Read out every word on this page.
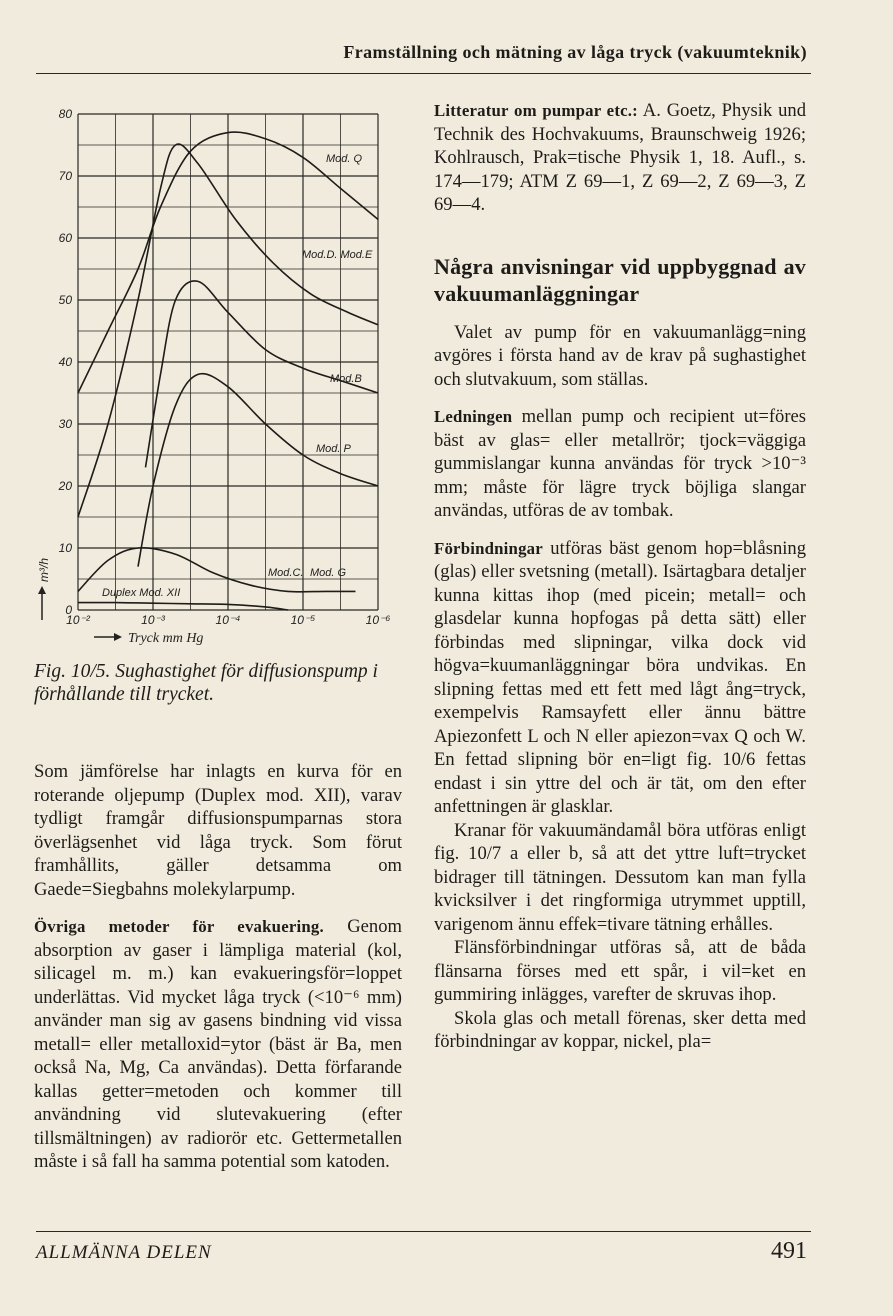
Framställning och mätning av låga tryck (vakuumteknik)
80
70
60
50
40
30
20
10
0
10⁻²	10⁻³	10⁻⁴	10⁻⁵	10⁻⁶
Mod. Q
Mod.D. Mod.E
Mod.B
Mod. P
Mod.C. Mod. G
Duplex Mod. XII
m³/h
Tryck mm Hg
Fig. 10/5. Sughastighet för diffusionspump i förhållande till trycket.

Som jämförelse har inlagts en kurva för en roterande oljepump (Duplex mod. XII), varav tydligt framgår diffusionspumparnas stora överlägsenhet vid låga tryck. Som förut framhållits, gäller detsamma om Gaede=Siegbahns molekylarpump.

Övriga metoder för evakuering. Genom absorption av gaser i lämpliga material (kol, silicagel m. m.) kan evakueringsför=loppet underlättas. Vid mycket låga tryck (<10⁻⁶ mm) använder man sig av gasens bindning vid vissa metall= eller metalloxid=ytor (bäst är Ba, men också Na, Mg, Ca användas). Detta förfarande kallas getter=metoden och kommer till användning vid slutevakuering (efter tillsmältningen) av radiorör etc. Gettermetallen måste i så fall ha samma potential som katoden.

Litteratur om pumpar etc.: A. Goetz, Physik und Technik des Hochvakuums, Braunschweig 1926; Kohlrausch, Prak=tische Physik 1, 18. Aufl., s. 174—179; ATM Z 69—1, Z 69—2, Z 69—3, Z 69—4.

Några anvisningar vid uppbyggnad av vakuumanläggningar

Valet av pump för en vakuumanlägg=ning avgöres i första hand av de krav på sughastighet och slutvakuum, som ställas.

Ledningen mellan pump och recipient ut=föres bäst av glas= eller metallrör; tjock=väggiga gummislangar kunna användas för tryck >10⁻³ mm; måste för lägre tryck böjliga slangar användas, utföras de av tombak.

Förbindningar utföras bäst genom hop=blåsning (glas) eller svetsning (metall). Isärtagbara detaljer kunna kittas ihop (med picein; metall= och glasdelar kunna hopfogas på detta sätt) eller förbindas med slipningar, vilka dock vid högva=kuumanläggningar böra undvikas. En slipning fettas med ett fett med lågt ång=tryck, exempelvis Ramsayfett eller ännu bättre Apiezonfett L och N eller apiezon=vax Q och W. En fettad slipning bör en=ligt fig. 10/6 fettas endast i sin yttre del och är tät, om den efter anfettningen är glasklar.

Kranar för vakuumändamål böra utföras enligt fig. 10/7 a eller b, så att det yttre luft=trycket bidrager till tätningen. Dessutom kan man fylla kvicksilver i det ringformiga utrymmet upptill, varigenom ännu effek=tivare tätning erhålles.

Flänsförbindningar utföras så, att de båda flänsarna förses med ett spår, i vil=ket en gummiring inlägges, varefter de skruvas ihop.

Skola glas och metall förenas, sker detta med förbindningar av koppar, nickel, pla=

ALLMÄNNA DELEN	491
